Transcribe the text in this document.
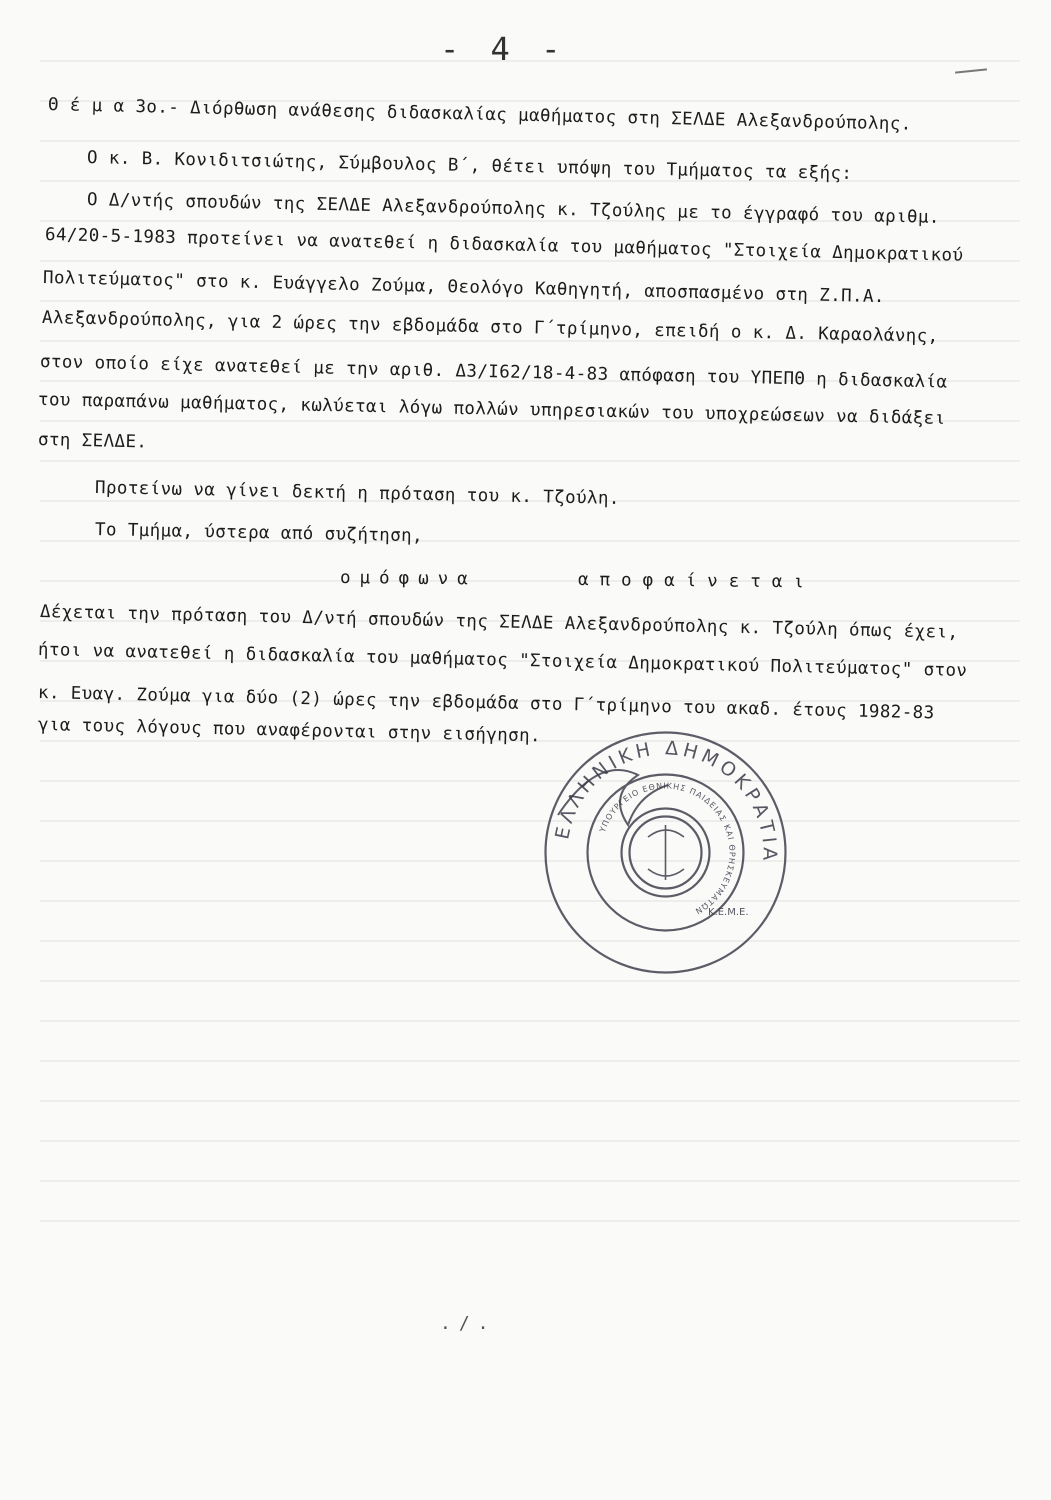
- 4 -
Θ έ μ α 3ο.- Διόρθωση ανάθεσης διδασκαλίας μαθήματος στη ΣΕΛΔΕ Αλεξανδρούπολης.
Ο κ. Β. Κονιδιτσιώτης, Σύμβουλος Β΄, θέτει υπόψη του Τμήματος τα εξής:
Ο Δ/ντής σπουδών της ΣΕΛΔΕ Αλεξανδρούπολης κ. Τζούλης με το έγγραφό του αριθμ.
64/20-5-1983 προτείνει να ανατεθεί η διδασκαλία του μαθήματος "Στοιχεία Δημοκρατικού
Πολιτεύματος" στο κ. Ευάγγελο Ζούμα, Θεολόγο Καθηγητή, αποσπασμένο στη Ζ.Π.Α.
Αλεξανδρούπολης, για 2 ώρες την εβδομάδα στο Γ΄τρίμηνο, επειδή ο κ. Δ. Καραολάνης,
στον οποίο είχε ανατεθεί με την αριθ. Δ3/Ι62/18-4-83 απόφαση του ΥΠΕΠΘ η διδασκαλία
του παραπάνω μαθήματος, κωλύεται λόγω πολλών υπηρεσιακών του υποχρεώσεων να διδάξει
στη ΣΕΛΔΕ.
Προτείνω να γίνει δεκτή η πρόταση του κ. Τζούλη.
Το Τμήμα, ύστερα από συζήτηση,
ομόφωνα	αποφαίνεται
Δέχεται την πρόταση του Δ/ντή σπουδών της ΣΕΛΔΕ Αλεξανδρούπολης κ. Τζούλη όπως έχει,
ήτοι να ανατεθεί η διδασκαλία του μαθήματος "Στοιχεία Δημοκρατικού Πολιτεύματος" στον
κ. Ευαγ. Ζούμα για δύο (2) ώρες την εβδομάδα στο Γ΄τρίμηνο του ακαδ. έτους 1982-83
για τους λόγους που αναφέρονται στην εισήγηση.
ΕΛΛΗΝΙΚΗ ΔΗΜΟΚΡΑΤΙΑ
ΥΠΟΥΡΓΕΙΟ ΕΘΝΙΚΗΣ ΠΑΙΔΕΙΑΣ ΚΑΙ ΘΡΗΣΚΕΥΜΑΤΩΝ Κ.Ε.Μ.Ε.
./.
